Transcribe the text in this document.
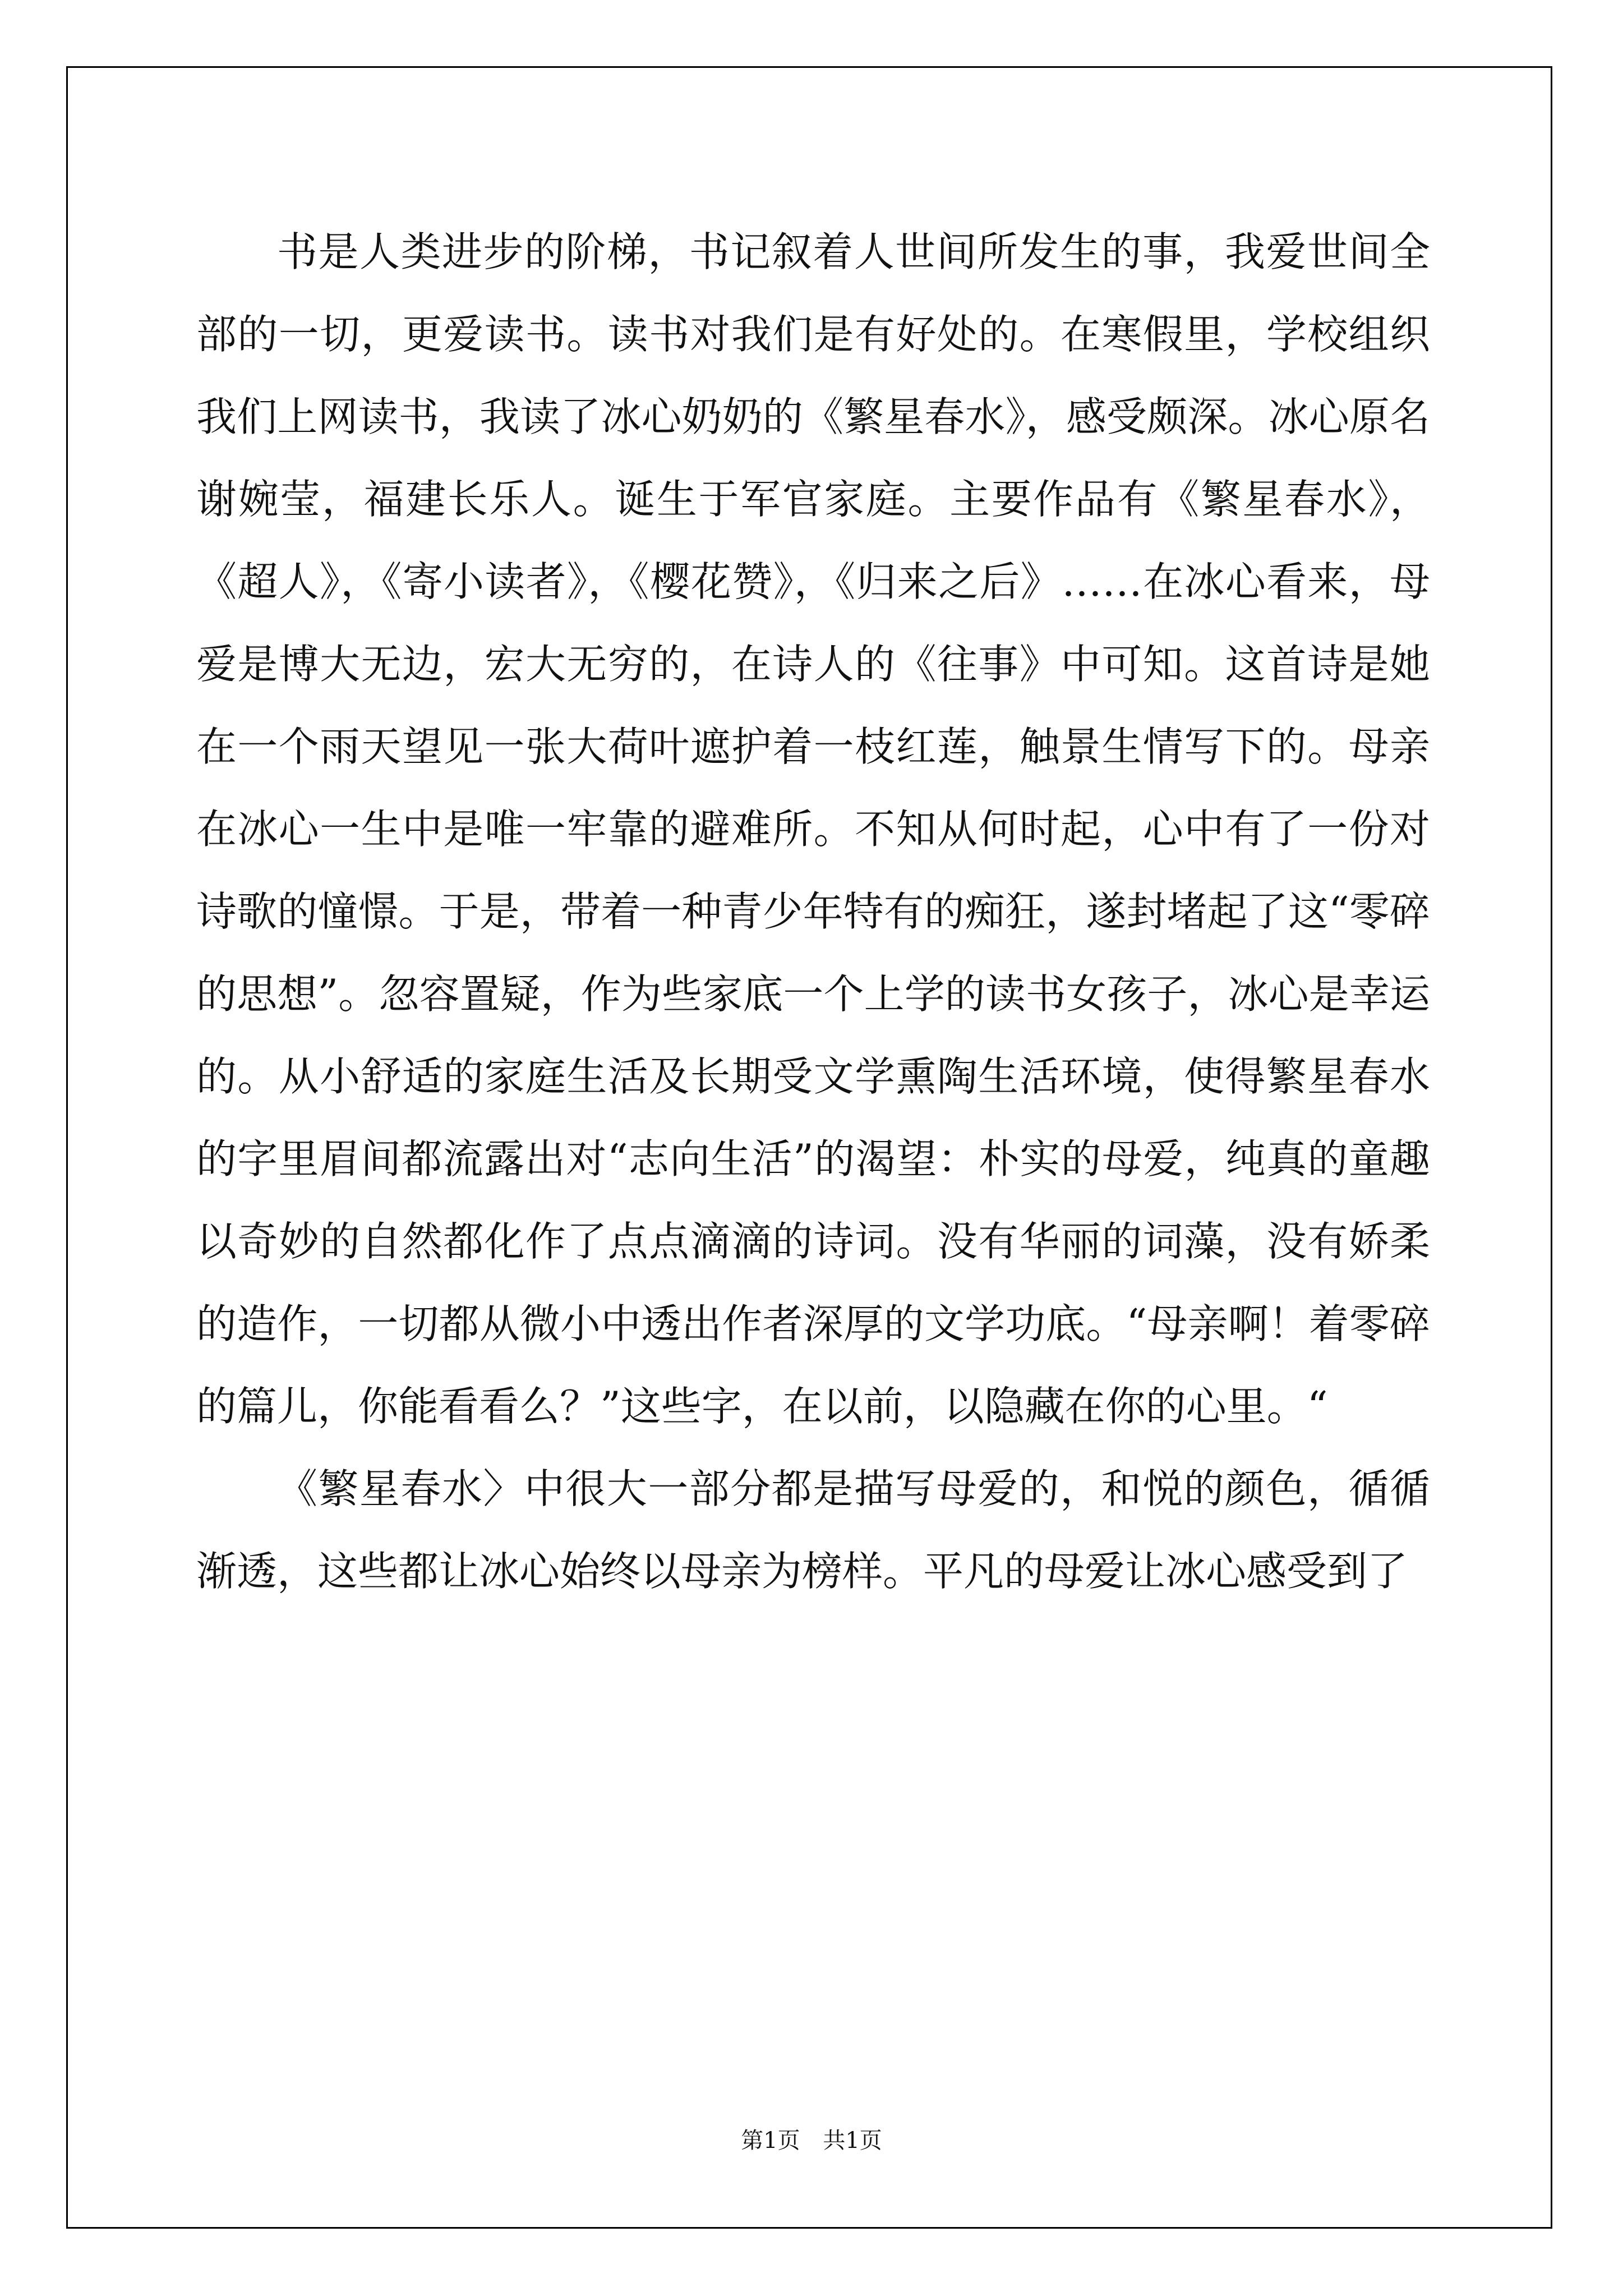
书是人类进步的阶梯，书记叙着人世间所发生的事，我爱世间全部的一切，更爱读书。读书对我们是有好处的。在寒假里，学校组织我们上网读书，我读了冰心奶奶的《繁星春水》，感受颇深。冰心原名谢婉莹，福建长乐人。诞生于军官家庭。主要作品有《繁星春水》，《超人》，《寄小读者》，《樱花赞》，《归来之后》……在冰心看来，母爱是博大无边，宏大无穷的，在诗人的《往事》中可知。这首诗是她在一个雨天望见一张大荷叶遮护着一枝红莲，触景生情写下的。母亲在冰心一生中是唯一牢靠的避难所。不知从何时起，心中有了一份对诗歌的憧憬。于是，带着一种青少年特有的痴狂，遂封堵起了这“零碎的思想”。忽容置疑，作为些家底一个上学的读书女孩子，冰心是幸运的。从小舒适的家庭生活及长期受文学熏陶生活环境，使得繁星春水的字里眉间都流露出对“志向生活”的渴望：朴实的母爱，纯真的童趣以奇妙的自然都化作了点点滴滴的诗词。没有华丽的词藻，没有娇柔的造作，一切都从微小中透出作者深厚的文学功底。“母亲啊！着零碎的篇儿，你能看看么？”这些字，在以前，以隐藏在你的心里。“

《繁星春水〉中很大一部分都是描写母爱的，和悦的颜色，循循渐透，这些都让冰心始终以母亲为榜样。平凡的母爱让冰心感受到了

第1页 共1页
